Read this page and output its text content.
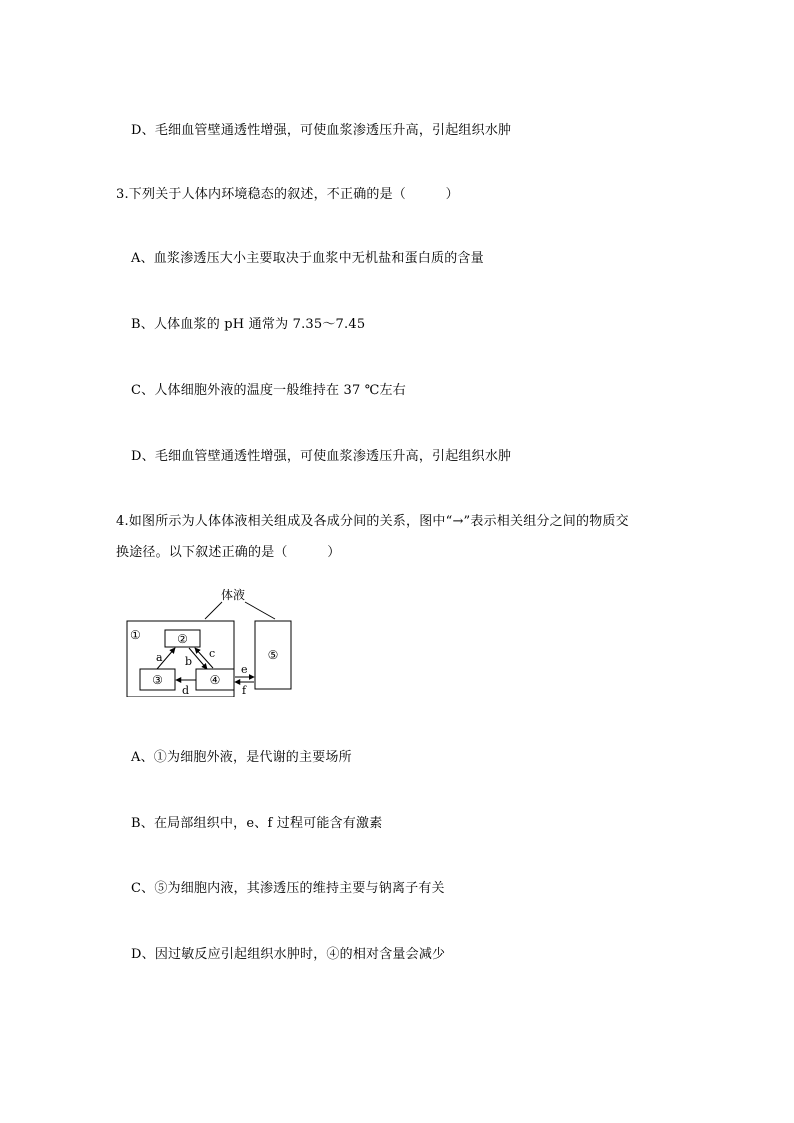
D、毛细血管壁通透性增强，可使血浆渗透压升高，引起组织水肿
3.下列关于人体内环境稳态的叙述，不正确的是（　　　）
A、血浆渗透压大小主要取决于血浆中无机盐和蛋白质的含量
B、人体血浆的 pH 通常为 7.35～7.45
C、人体细胞外液的温度一般维持在 37 ℃左右
D、毛细血管壁通透性增强，可使血浆渗透压升高，引起组织水肿
4.如图所示为人体体液相关组成及各成分间的关系，图中“→”表示相关组分之间的物质交
换途径。以下叙述正确的是（　　　）
体液
①	②
③	④
⑤
a b
c
d
e
f
A、①为细胞外液，是代谢的主要场所
B、在局部组织中，e、f 过程可能含有激素
C、⑤为细胞内液，其渗透压的维持主要与钠离子有关
D、因过敏反应引起组织水肿时，④的相对含量会减少
